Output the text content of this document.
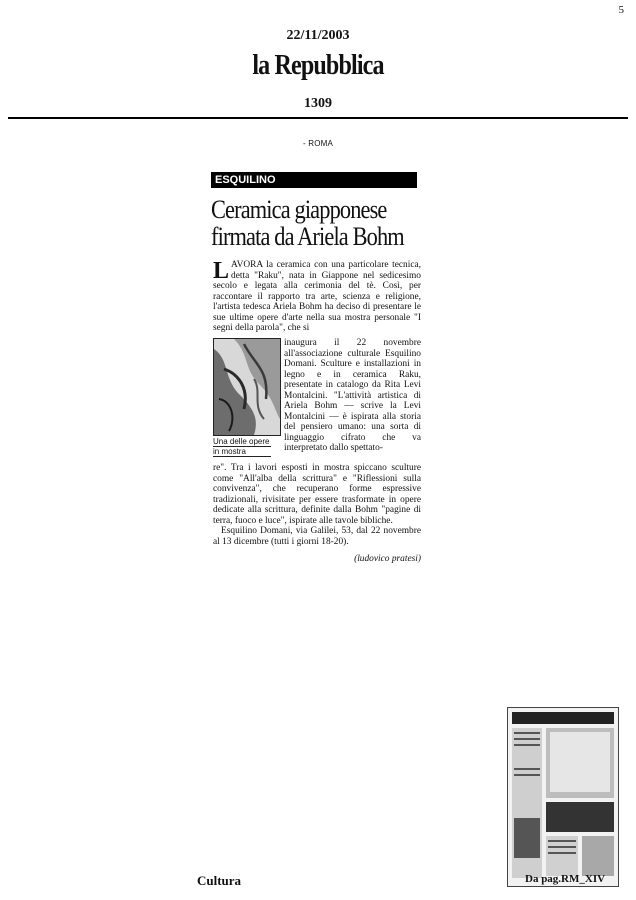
5
22/11/2003
la Repubblica
1309
- ROMA
ESQUILINO
Ceramica giapponese
firmata da Ariela Bohm
L AVORA la ceramica con una particolare tecnica, detta "Raku", nata in Giappone nel sedicesimo secolo e legata alla cerimonia del tè. Così, per raccontare il rapporto tra arte, scienza e religione, l'artista tedesca Ariela Bohm ha deciso di presentare le sue ultime opere d'arte nella sua mostra personale "I segni della parola", che si

Una delle opere
in mostra

inaugura il 22 novembre all'associazione culturale Esquilino Domani. Sculture e installazioni in legno e in ceramica Raku, presentate in catalogo da Rita Levi Montalcini. "L'attività artistica di Ariela Bohm — scrive la Levi Montalcini — è ispirata alla storia del pensiero umano: una sorta di linguaggio cifrato che va interpretato dallo spettato-

re". Tra i lavori esposti in mostra spiccano sculture come "All'alba della scrittura" e "Riflessioni sulla convivenza", che recuperano forme espressive tradizionali, rivisitate per essere trasformate in opere dedicate alla scrittura, definite dalla Bohm "pagine di terra, fuoco e luce", ispirate alle tavole bibliche.

Esquilino Domani, via Galilei, 53, dal 22 novembre al 13 dicembre (tutti i giorni 18-20).

(ludovico pratesi)
Cultura	Da pag.RM_XIV
